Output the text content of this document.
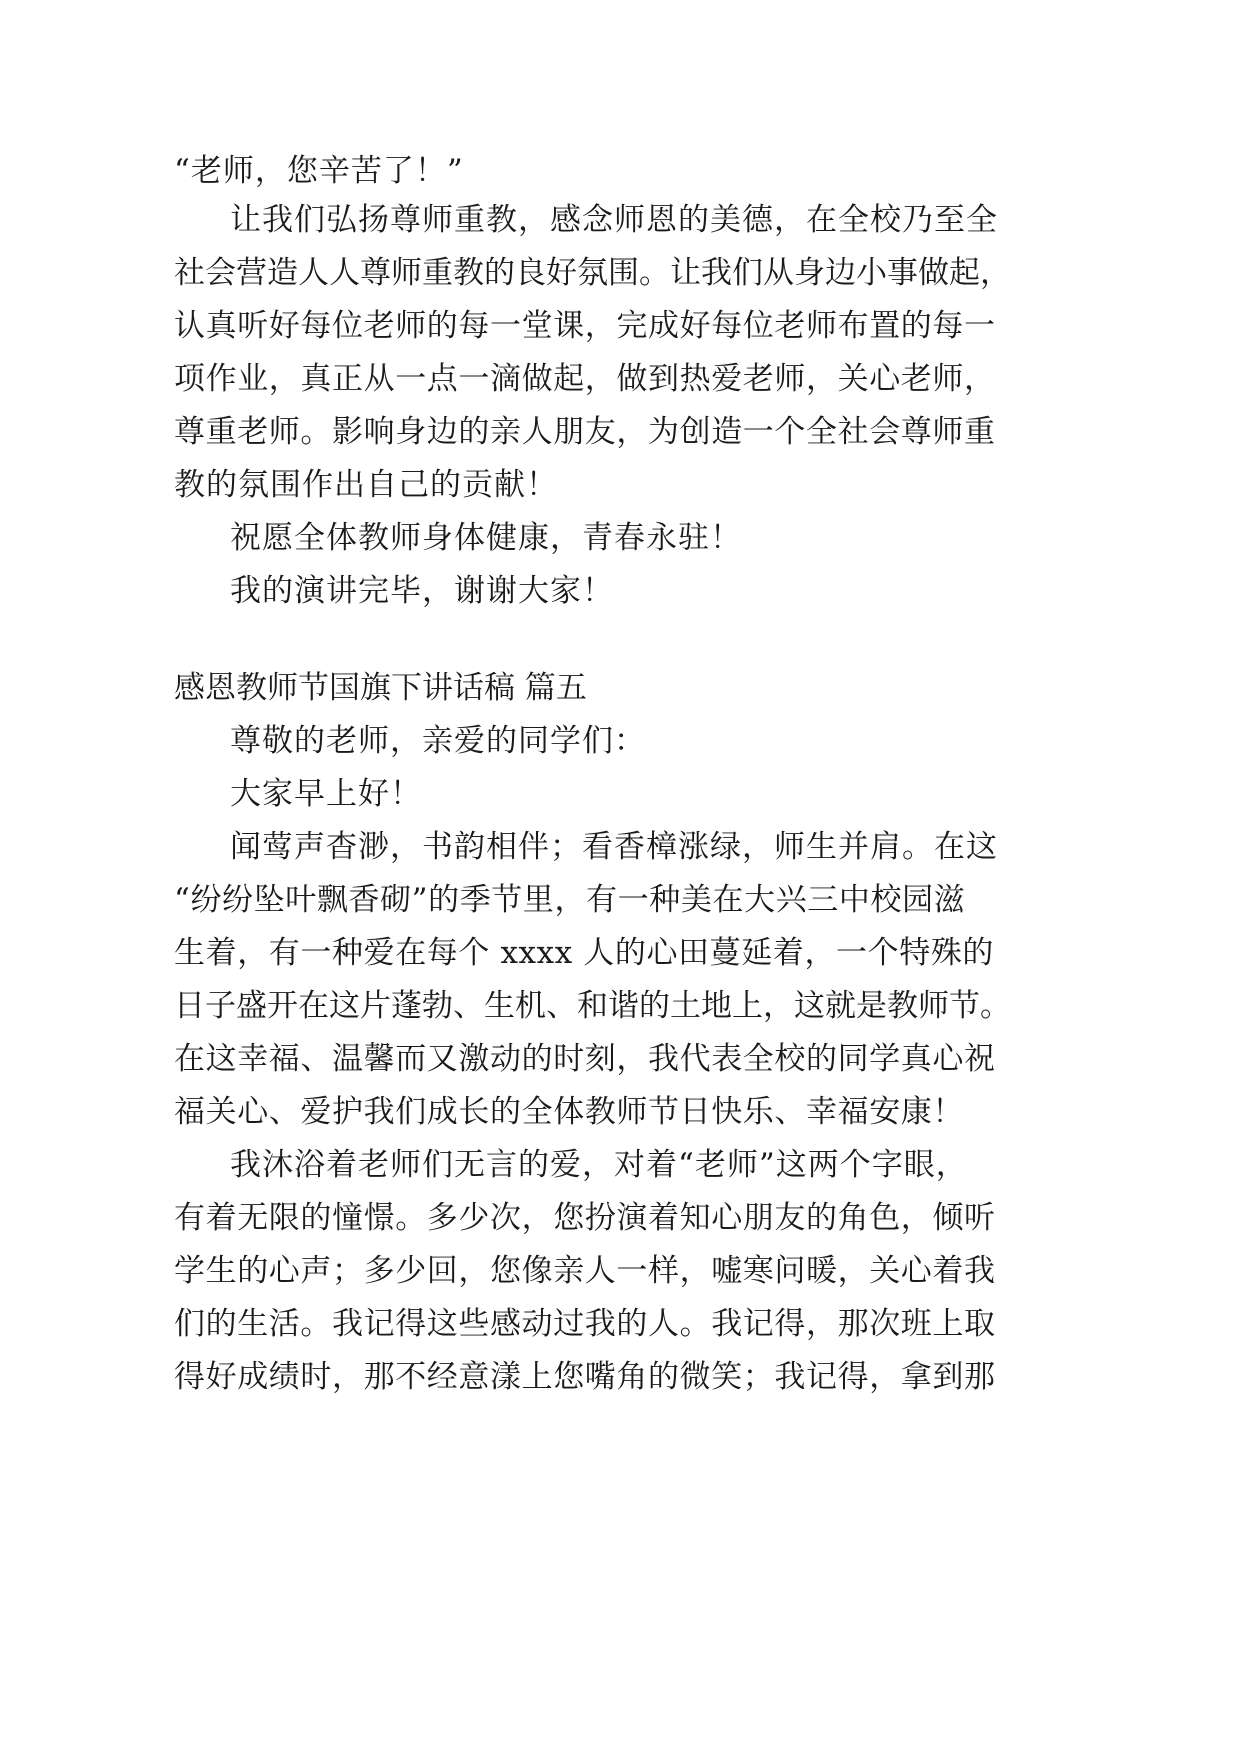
“老师，您辛苦了！”
让我们弘扬尊师重教，感念师恩的美德，在全校乃至全
社会营造人人尊师重教的良好氛围。让我们从身边小事做起，
认真听好每位老师的每一堂课，完成好每位老师布置的每一
项作业，真正从一点一滴做起，做到热爱老师，关心老师，
尊重老师。影响身边的亲人朋友，为创造一个全社会尊师重
教的氛围作出自己的贡献！
祝愿全体教师身体健康，青春永驻！
我的演讲完毕，谢谢大家！
感恩教师节国旗下讲话稿 篇五
尊敬的老师，亲爱的同学们：
大家早上好！
闻莺声杳渺，书韵相伴；看香樟涨绿，师生并肩。在这
“纷纷坠叶飘香砌”的季节里，有一种美在大兴三中校园滋
生着，有一种爱在每个 xxxx 人的心田蔓延着，一个特殊的
日子盛开在这片蓬勃、生机、和谐的土地上，这就是教师节。
在这幸福、温馨而又激动的时刻，我代表全校的同学真心祝
福关心、爱护我们成长的全体教师节日快乐、幸福安康！
我沐浴着老师们无言的爱，对着“老师”这两个字眼，
有着无限的憧憬。多少次，您扮演着知心朋友的角色，倾听
学生的心声；多少回，您像亲人一样，嘘寒问暖，关心着我
们的生活。我记得这些感动过我的人。我记得，那次班上取
得好成绩时，那不经意漾上您嘴角的微笑；我记得，拿到那
